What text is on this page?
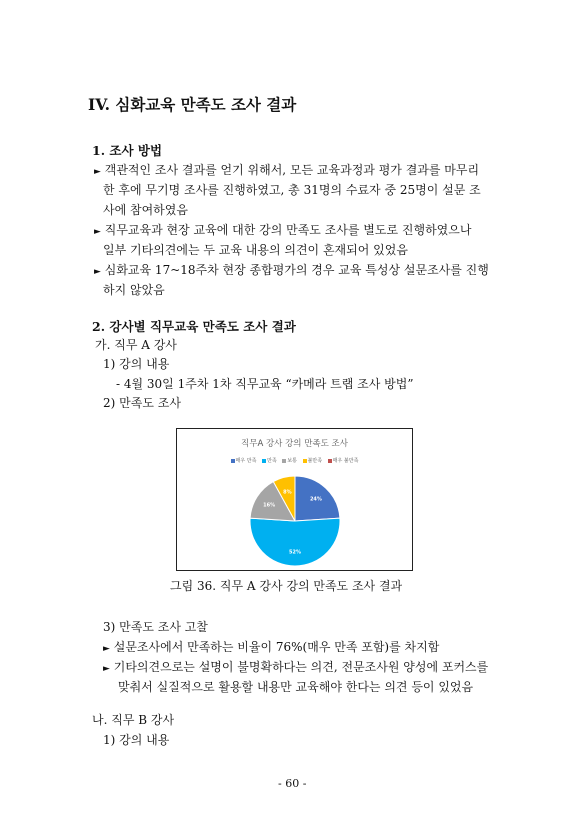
IV. 심화교육 만족도 조사 결과
1. 조사 방법
► 객관적인 조사 결과를 얻기 위해서, 모든 교육과정과 평가 결과를 마무리
한 후에 무기명 조사를 진행하였고, 총 31명의 수료자 중 25명이 설문 조
사에 참여하였음
► 직무교육과 현장 교육에 대한 강의 만족도 조사를 별도로 진행하였으나
일부 기타의견에는 두 교육 내용의 의견이 혼재되어 있었음
► 심화교육 17~18주차 현장 종합평가의 경우 교육 특성상 설문조사를 진행
하지 않았음
2. 강사별 직무교육 만족도 조사 결과
가. 직무 A 강사
1) 강의 내용
- 4월 30일 1주차 1차 직무교육 “카메라 트랩 조사 방법”
2) 만족도 조사
직무A 강사 강의 만족도 조사
매우 만족 만족 보통 불만족 매우 불만족
24%
52%
16%
8%
그림 36. 직무 A 강사 강의 만족도 조사 결과
3) 만족도 조사 고찰
► 설문조사에서 만족하는 비율이 76%(매우 만족 포함)를 차지함
► 기타의견으로는 설명이 불명확하다는 의견, 전문조사원 양성에 포커스를
맞춰서 실질적으로 활용할 내용만 교육해야 한다는 의견 등이 있었음
나. 직무 B 강사
1) 강의 내용
- 60 -
